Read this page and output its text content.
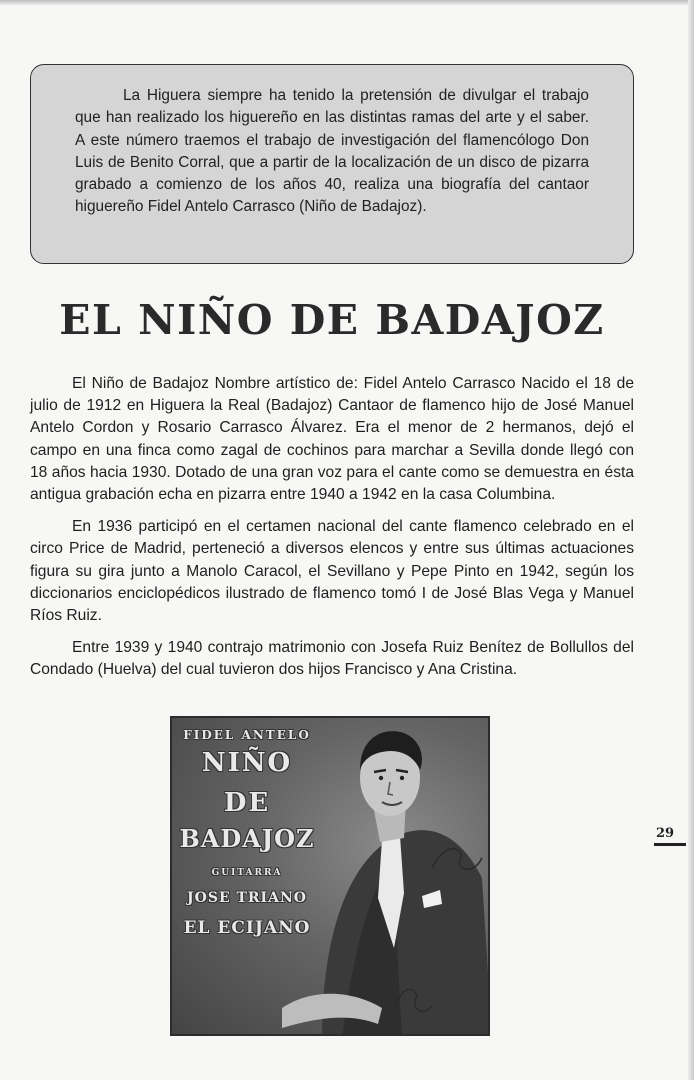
La Higuera siempre ha tenido la pretensión de divulgar el trabajo que han realizado los higuereño en las distintas ramas del arte y el saber. A este número traemos el trabajo de investigación del flamencólogo Don Luis de Benito Corral, que a partir de la localización de un disco de pizarra grabado a comienzo de los años 40, realiza una biografía del cantaor higuereño Fidel Antelo Carrasco (Niño de Badajoz).

EL NIÑO DE BADAJOZ

El Niño de Badajoz Nombre artístico de: Fidel Antelo Carrasco Nacido el 18 de julio de 1912 en Higuera la Real (Badajoz) Cantaor de flamenco hijo de José Manuel Antelo Cordon y Rosario Carrasco Álvarez. Era el menor de 2 hermanos, dejó el campo en una finca como zagal de cochinos para marchar a Sevilla donde llegó con 18 años hacia 1930. Dotado de una gran voz para el cante como se demuestra en ésta antigua grabación echa en pizarra entre 1940 a 1942 en la casa Columbina.

En 1936 participó en el certamen nacional del cante flamenco celebrado en el circo Price de Madrid, perteneció a diversos elencos y entre sus últimas actuaciones figura su gira junto a Manolo Caracol, el Sevillano y Pepe Pinto en 1942, según los diccionarios enciclopédicos ilustrado de flamenco tomó I de José Blas Vega y Manuel Ríos Ruiz.

Entre 1939 y 1940 contrajo matrimonio con Josefa Ruiz Benítez de Bollullos del Condado (Huelva) del cual tuvieron dos hijos Francisco y Ana Cristina.

FIDEL ANTELO
NIÑO
DE
BADAJOZ
GUITARRA
JOSE TRIANO
EL ECIJANO
29
